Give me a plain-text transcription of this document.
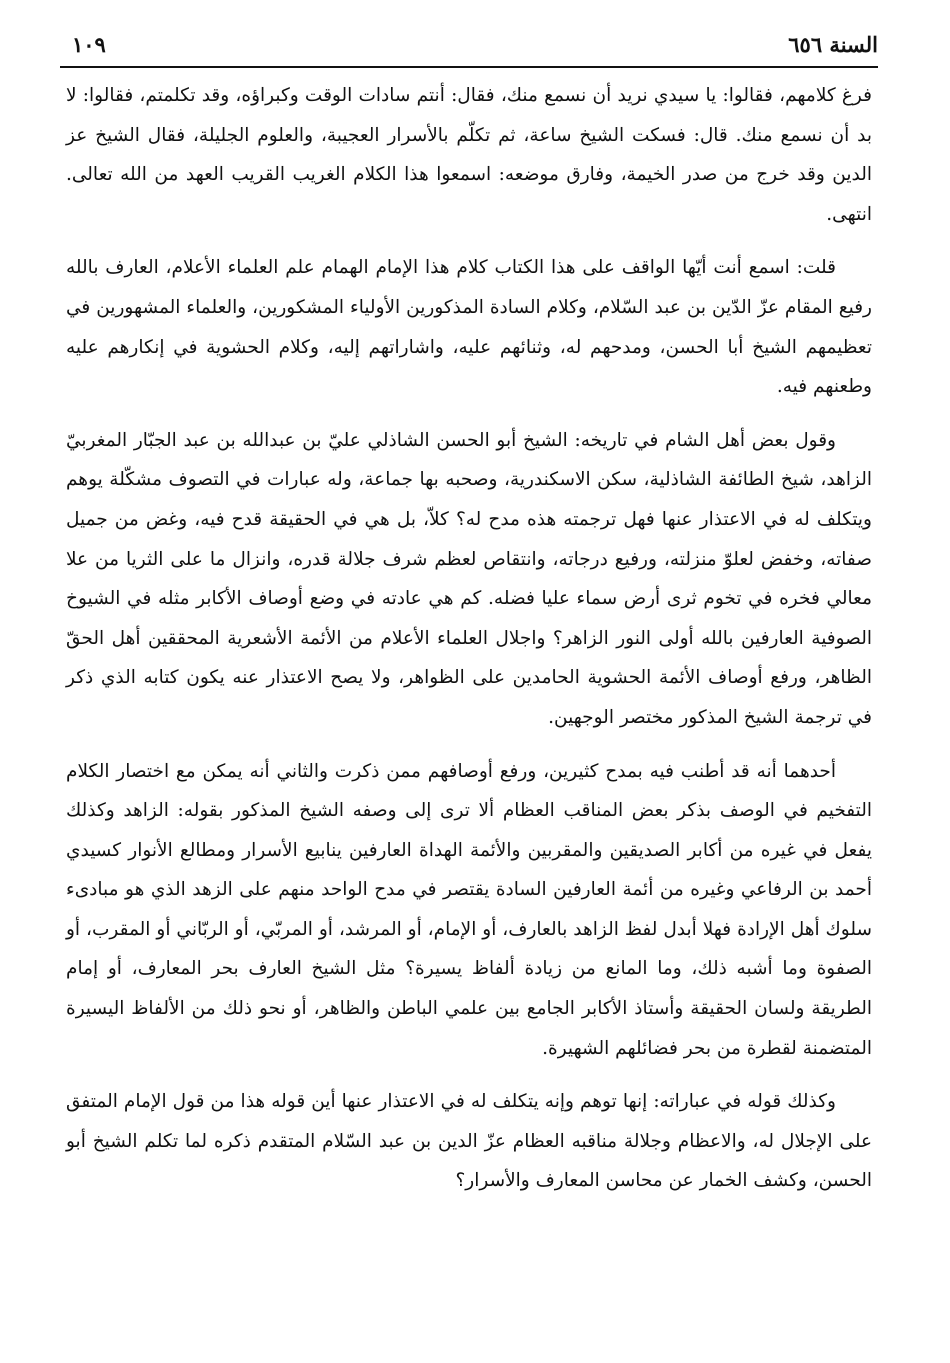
السنة ٦٥٦
١٠٩

فرغ كلامهم، فقالوا: يا سيدي نريد أن نسمع منك، فقال: أنتم سادات الوقت وكبراؤه، وقد تكلمتم، فقالوا: لا بد أن نسمع منك. قال: فسكت الشيخ ساعة، ثم تكلّم بالأسرار العجيبة، والعلوم الجليلة، فقال الشيخ عز الدين وقد خرج من صدر الخيمة، وفارق موضعه: اسمعوا هذا الكلام الغريب القريب العهد من الله تعالى. انتهى.

قلت: اسمع أنت أيّها الواقف على هذا الكتاب كلام هذا الإمام الهمام علم العلماء الأعلام، العارف بالله رفيع المقام عزّ الدّين بن عبد السّلام، وكلام السادة المذكورين الأولياء المشكورين، والعلماء المشهورين في تعظيمهم الشيخ أبا الحسن، ومدحهم له، وثنائهم عليه، واشاراتهم إليه، وكلام الحشوية في إنكارهم عليه وطعنهم فيه.

وقول بعض أهل الشام في تاريخه: الشيخ أبو الحسن الشاذلي عليّ بن عبدالله بن عبد الجبّار المغربيّ الزاهد، شيخ الطائفة الشاذلية، سكن الاسكندرية، وصحبه بها جماعة، وله عبارات في التصوف مشكّلة يوهم ويتكلف له في الاعتذار عنها فهل ترجمته هذه مدح له؟ كلاّ، بل هي في الحقيقة قدح فيه، وغض من جميل صفاته، وخفض لعلوّ منزلته، ورفيع درجاته، وانتقاص لعظم شرف جلالة قدره، وانزال ما على الثريا من علا معالي فخره في تخوم ثرى أرض سماء عليا فضله. كم هي عادته في وضع أوصاف الأكابر مثله في الشيوخ الصوفية العارفين بالله أولى النور الزاهر؟ واجلال العلماء الأعلام من الأئمة الأشعرية المحققين أهل الحقّ الظاهر، ورفع أوصاف الأئمة الحشوية الحامدين على الظواهر، ولا يصح الاعتذار عنه يكون كتابه الذي ذكر في ترجمة الشيخ المذكور مختصر الوجهين.

أحدهما أنه قد أطنب فيه بمدح كثيرين، ورفع أوصافهم ممن ذكرت والثاني أنه يمكن مع اختصار الكلام التفخيم في الوصف بذكر بعض المناقب العظام ألا ترى إلى وصفه الشيخ المذكور بقوله: الزاهد وكذلك يفعل في غيره من أكابر الصديقين والمقربين والأئمة الهداة العارفين ينابيع الأسرار ومطالع الأنوار كسيدي أحمد بن الرفاعي وغيره من أئمة العارفين السادة يقتصر في مدح الواحد منهم على الزهد الذي هو مبادىء سلوك أهل الإرادة فهلا أبدل لفظ الزاهد بالعارف، أو الإمام، أو المرشد، أو المربّي، أو الربّاني أو المقرب، أو الصفوة وما أشبه ذلك، وما المانع من زيادة ألفاظ يسيرة؟ مثل الشيخ العارف بحر المعارف، أو إمام الطريقة ولسان الحقيقة وأستاذ الأكابر الجامع بين علمي الباطن والظاهر، أو نحو ذلك من الألفاظ اليسيرة المتضمنة لقطرة من بحر فضائلهم الشهيرة.

وكذلك قوله في عباراته: إنها توهم وإنه يتكلف له في الاعتذار عنها أين قوله هذا من قول الإمام المتفق على الإجلال له، والاعظام وجلالة مناقبه العظام عزّ الدين بن عبد السّلام المتقدم ذكره لما تكلم الشيخ أبو الحسن، وكشف الخمار عن محاسن المعارف والأسرار؟
